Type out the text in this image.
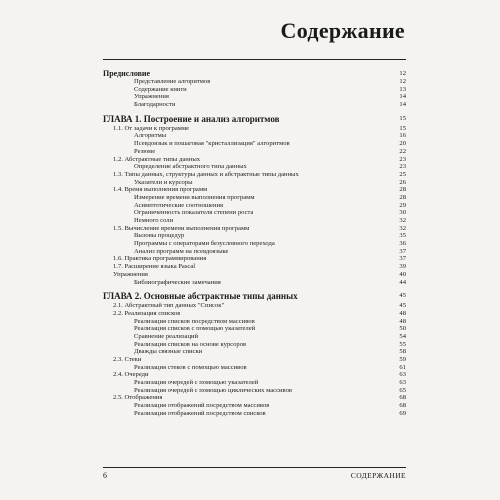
Содержание
Предисловие	12
Представление алгоритмов	12
Содержание книги	13
Упражнения	14
Благодарности	14
ГЛАВА 1. Построение и анализ алгоритмов	15
1.1. От задачи к программе	15
Алгоритмы	16
Псевдоязык и пошаговая "кристаллизация" алгоритмов	20
Резюме	22
1.2. Абстрактные типы данных	23
Определение абстрактного типа данных	23
1.3. Типы данных, структуры данных и абстрактные типы данных	25
Указатели и курсоры	26
1.4. Время выполнения программ	28
Измерение времени выполнения программ	28
Асимптотические соотношения	29
Ограниченность показателя степени роста	30
Немного соли	32
1.5. Вычисление времени выполнения программ	32
Вызовы процедур	35
Программы с операторами безусловного перехода	36
Анализ программ на псевдоязыке	37
1.6. Практика программирования	37
1.7. Расширение языка Pascal	39
Упражнения	40
Библиографические замечания	44
ГЛАВА 2. Основные абстрактные типы данных	45
2.1. Абстрактный тип данных "Список"	45
2.2. Реализация списков	48
Реализация списков посредством массивов	48
Реализация списков с помощью указателей	50
Сравнение реализаций	54
Реализация списков на основе курсоров	55
Дважды связные списки	58
2.3. Стеки	59
Реализация стеков с помощью массивов	61
2.4. Очереди	63
Реализация очередей с помощью указателей	63
Реализация очередей с помощью циклических массивов	65
2.5. Отображения	68
Реализация отображений посредством массивов	68
Реализация отображений посредством списков	69
6	СОДЕРЖАНИЕ
